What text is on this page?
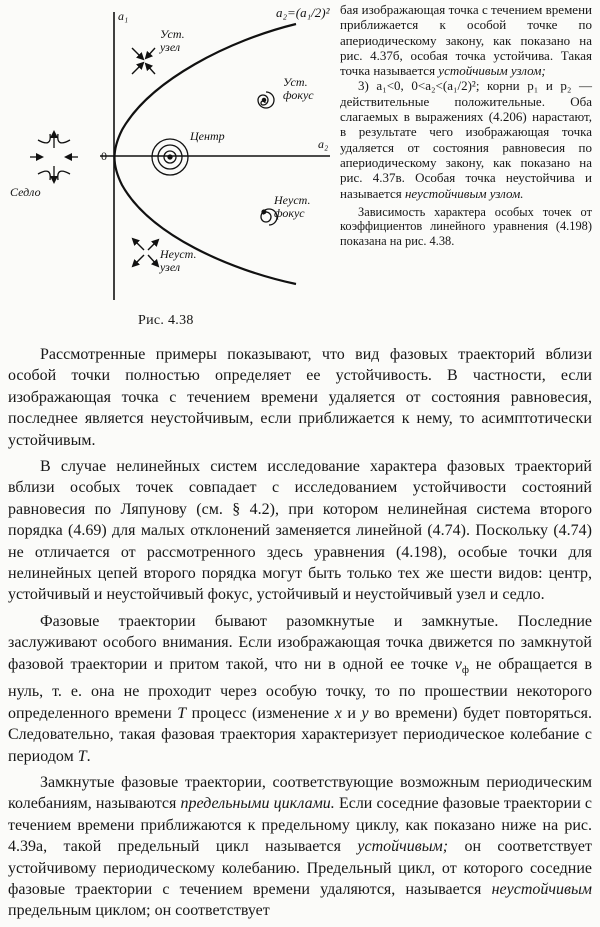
a₁
a₂
0
a₂=(a₁/2)²
Уст.
узел
Уст.
фокус
Центр
Неуст.
фокус
Неуст.
узел
Седло
Рис. 4.38

бая изображающая точка с течением времени приближается к особой точке по апериодическому закону, как показано на рис. 4.37б, особая точка устойчива. Такая точка называется устойчивым узлом;

3) a₁<0, 0<a₂<(a₁/2)²; корни p₁ и p₂ — действительные положительные. Оба слагаемых в выражениях (4.206) нарастают, в результате чего изображающая точка удаляется от состояния равновесия по апериодическому закону, как показано на рис. 4.37в. Особая точка неустойчива и называется неустойчивым узлом.

Зависимость характера особых точек от коэффициентов линейного уравнения (4.198) показана на рис. 4.38.

Рассмотренные примеры показывают, что вид фазовых траекторий вблизи особой точки полностью определяет ее устойчивость. В частности, если изображающая точка с течением времени удаляется от состояния равновесия, последнее является неустойчивым, если приближается к нему, то асимптотически устойчивым.

В случае нелинейных систем исследование характера фазовых траекторий вблизи особых точек совпадает с исследованием устойчивости состояний равновесия по Ляпунову (см. § 4.2), при котором нелинейная система второго порядка (4.69) для малых отклонений заменяется линейной (4.74). Поскольку (4.74) не отличается от рассмотренного здесь уравнения (4.198), особые точки для нелинейных цепей второго порядка могут быть только тех же шести видов: центр, устойчивый и неустойчивый фокус, устойчивый и неустойчивый узел и седло.

Фазовые траектории бывают разомкнутые и замкнутые. Последние заслуживают особого внимания. Если изображающая точка движется по замкнутой фазовой траектории и притом такой, что ни в одной ее точке $v_ф$ не обращается в нуль, т. е. она не проходит через особую точку, то по прошествии некоторого определенного времени T процесс (изменение x и y во времени) будет повторяться. Следовательно, такая фазовая траектория характеризует периодическое колебание с периодом T.

Замкнутые фазовые траектории, соответствующие возможным периодическим колебаниям, называются предельными циклами. Если соседние фазовые траектории с течением времени приближаются к предельному циклу, как показано ниже на рис. 4.39а, такой предельный цикл называется устойчивым; он соответствует устойчивому периодическому колебанию. Предельный цикл, от которого соседние фазовые траектории с течением времени удаляются, называется неустойчивым предельным циклом; он соответствует
